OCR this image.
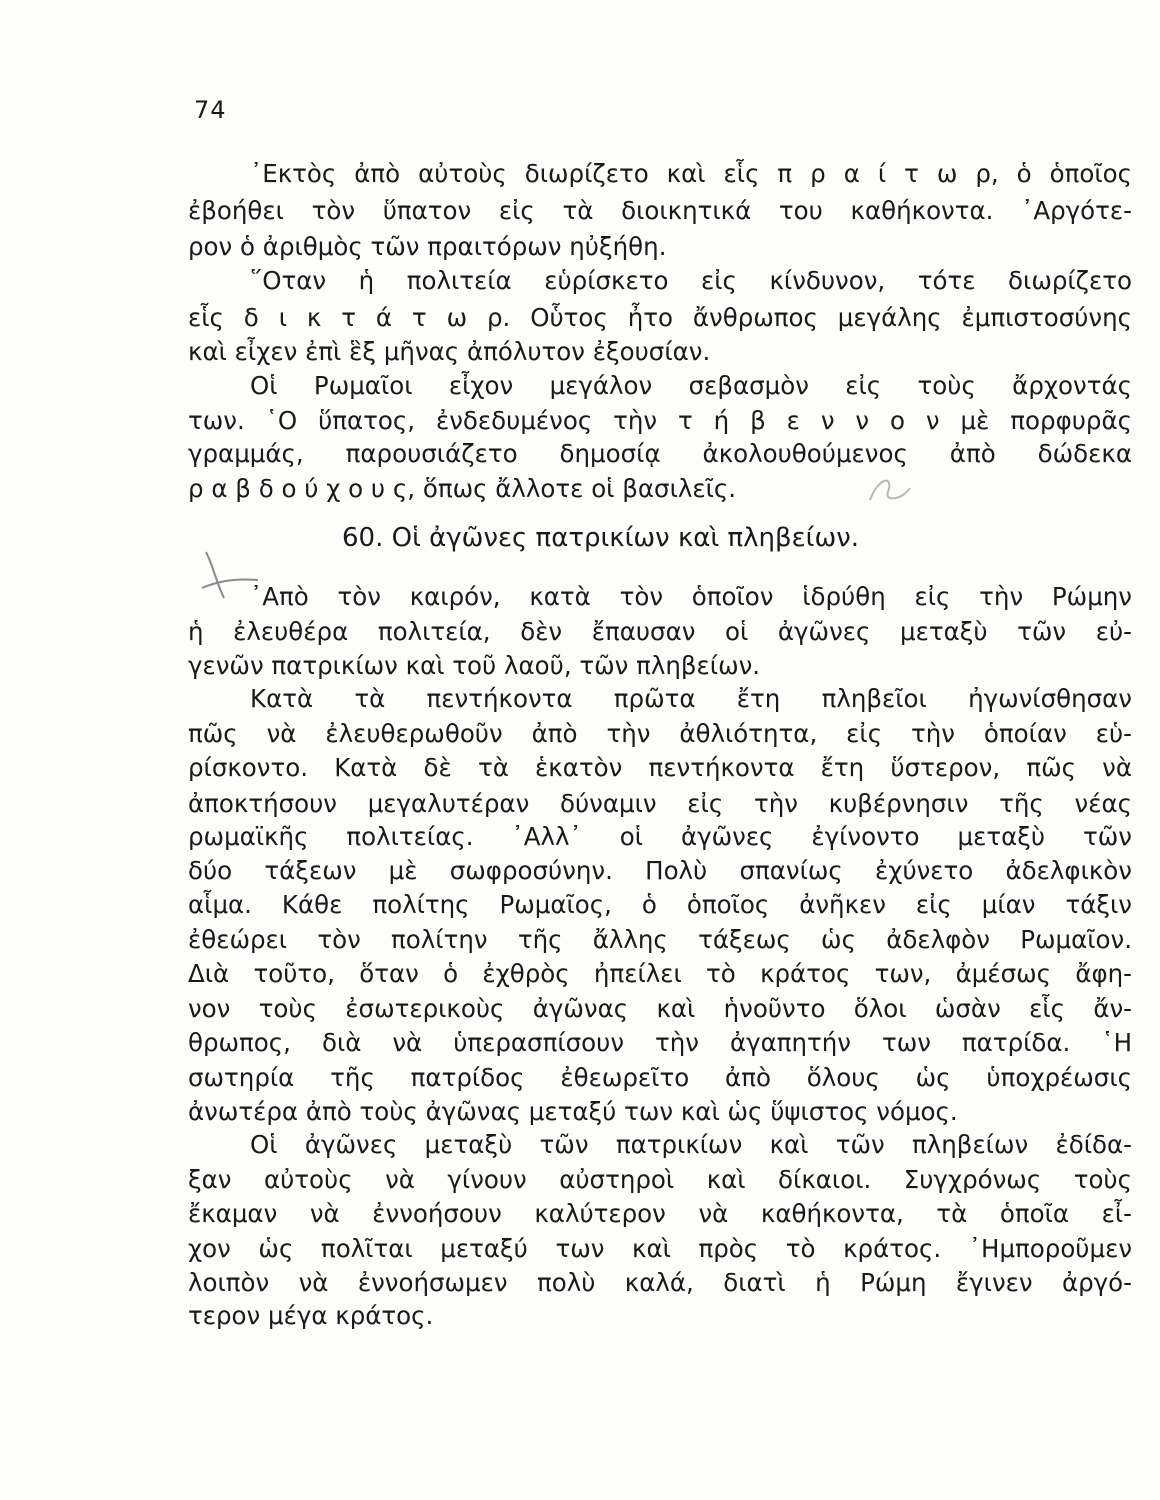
74
᾿Εκτὸς ἀπὸ αὐτοὺς διωρίζετο καὶ εἷς π ρ α ί τ ω ρ, ὁ ὁποῖος
ἐβοήθει τὸν ὕπατον εἰς τὰ διοικητικά του καθήκοντα. ᾿Αργότε-
ρον ὁ ἀριθμὸς τῶν πραιτόρων ηὐξήθη.
῞Οταν ἡ πολιτεία εὑρίσκετο εἰς κίνδυνον, τότε διωρίζετο
εἷς δ ι κ τ ά τ ω ρ. Οὗτος ἦτο ἄνθρωπος μεγάλης ἐμπιστοσύνης
καὶ εἶχεν ἐπὶ ἓξ μῆνας ἀπόλυτον ἐξουσίαν.
Οἱ Ρωμαῖοι εἶχον μεγάλον σεβασμὸν εἰς τοὺς ἄρχοντάς
των. ῾Ο ὕπατος, ἐνδεδυμένος τὴν τ ή β ε ν ν ο ν μὲ πορφυρᾶς
γραμμάς, παρουσιάζετο δημοσίᾳ ἀκολουθούμενος ἀπὸ δώδεκα
ρ α β δ ο ύ χ ο υ ς, ὅπως ἄλλοτε οἱ βασιλεῖς.
60. Οἱ ἀγῶνες πατρικίων καὶ πληβείων.
᾿Απὸ τὸν καιρόν, κατὰ τὸν ὁποῖον ἱδρύθη εἰς τὴν Ρώμην
ἡ ἐλευθέρα πολιτεία, δὲν ἔπαυσαν οἱ ἀγῶνες μεταξὺ τῶν εὐ-
γενῶν πατρικίων καὶ τοῦ λαοῦ, τῶν πληβείων.
Κατὰ τὰ πεντήκοντα πρῶτα ἔτη πληβεῖοι ἠγωνίσθησαν
πῶς νὰ ἐλευθερωθοῦν ἀπὸ τὴν ἀθλιότητα, εἰς τὴν ὁποίαν εὑ-
ρίσκοντο. Κατὰ δὲ τὰ ἑκατὸν πεντήκοντα ἔτη ὕστερον, πῶς νὰ
ἀποκτήσουν μεγαλυτέραν δύναμιν εἰς τὴν κυβέρνησιν τῆς νέας
ρωμαϊκῆς πολιτείας. ᾿Αλλ᾿ οἱ ἀγῶνες ἐγίνοντο μεταξὺ τῶν
δύο τάξεων μὲ σωφροσύνην. Πολὺ σπανίως ἐχύνετο ἀδελφικὸν
αἷμα. Κάθε πολίτης Ρωμαῖος, ὁ ὁποῖος ἀνῆκεν εἰς μίαν τάξιν
ἐθεώρει τὸν πολίτην τῆς ἄλλης τάξεως ὡς ἀδελφὸν Ρωμαῖον.
Διὰ τοῦτο, ὅταν ὁ ἐχθρὸς ἠπείλει τὸ κράτος των, ἀμέσως ἄφη-
νον τοὺς ἐσωτερικοὺς ἀγῶνας καὶ ἡνοῦντο ὅλοι ὡσὰν εἷς ἄν-
θρωπος, διὰ νὰ ὑπερασπίσουν τὴν ἀγαπητήν των πατρίδα. ῾Η
σωτηρία τῆς πατρίδος ἐθεωρεῖτο ἀπὸ ὅλους ὡς ὑποχρέωσις
ἀνωτέρα ἀπὸ τοὺς ἀγῶνας μεταξύ των καὶ ὡς ὕψιστος νόμος.
Οἱ ἀγῶνες μεταξὺ τῶν πατρικίων καὶ τῶν πληβείων ἐδίδα-
ξαν αὐτοὺς νὰ γίνουν αὐστηροὶ καὶ δίκαιοι. Συγχρόνως τοὺς
ἔκαμαν νὰ ἐννοήσουν καλύτερον νὰ καθήκοντα, τὰ ὁποῖα εἶ-
χον ὡς πολῖται μεταξύ των καὶ πρὸς τὸ κράτος. ᾿Ημποροῦμεν
λοιπὸν νὰ ἐννοήσωμεν πολὺ καλά, διατὶ ἡ Ρώμη ἔγινεν ἀργό-
τερον μέγα κράτος.
